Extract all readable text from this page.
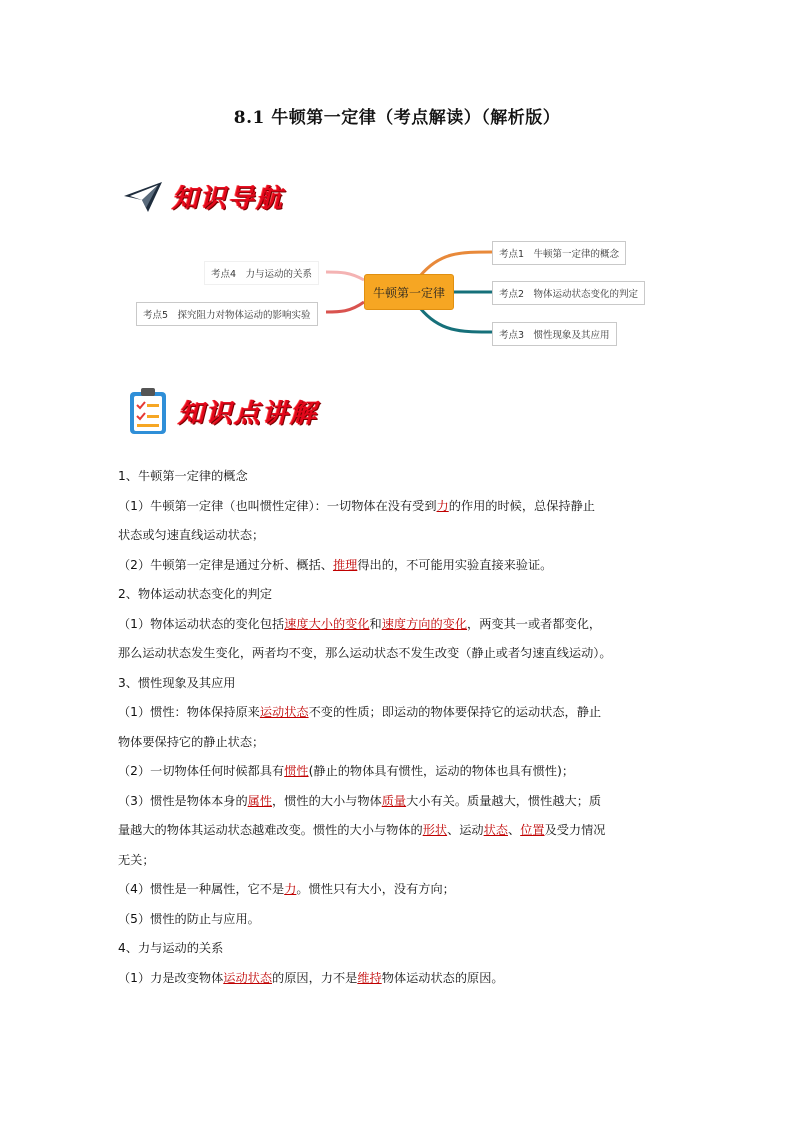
8.1 牛顿第一定律（考点解读）（解析版）
知识导航
牛顿第一定律
考点1　牛顿第一定律的概念
考点2　物体运动状态变化的判定
考点3　惯性现象及其应用
考点4　力与运动的关系
考点5　探究阻力对物体运动的影响实验
知识点讲解

1、牛顿第一定律的概念

（1）牛顿第一定律（也叫惯性定律）：一切物体在没有受到力的作用的时候，总保持静止

状态或匀速直线运动状态；

（2）牛顿第一定律是通过分析、概括、推理得出的，不可能用实验直接来验证。

2、物体运动状态变化的判定

（1）物体运动状态的变化包括速度大小的变化和速度方向的变化，两变其一或者都变化，

那么运动状态发生变化，两者均不变，那么运动状态不发生改变（静止或者匀速直线运动）。

3、惯性现象及其应用

（1）惯性：物体保持原来运动状态不变的性质；即运动的物体要保持它的运动状态，静止

物体要保持它的静止状态；

（2）一切物体任何时候都具有惯性(静止的物体具有惯性，运动的物体也具有惯性)；

（3）惯性是物体本身的属性，惯性的大小与物体质量大小有关。质量越大，惯性越大；质

量越大的物体其运动状态越难改变。惯性的大小与物体的形状、运动状态、位置及受力情况

无关；

（4）惯性是一种属性，它不是力。惯性只有大小，没有方向；

（5）惯性的防止与应用。

4、力与运动的关系

（1）力是改变物体运动状态的原因，力不是维持物体运动状态的原因。
